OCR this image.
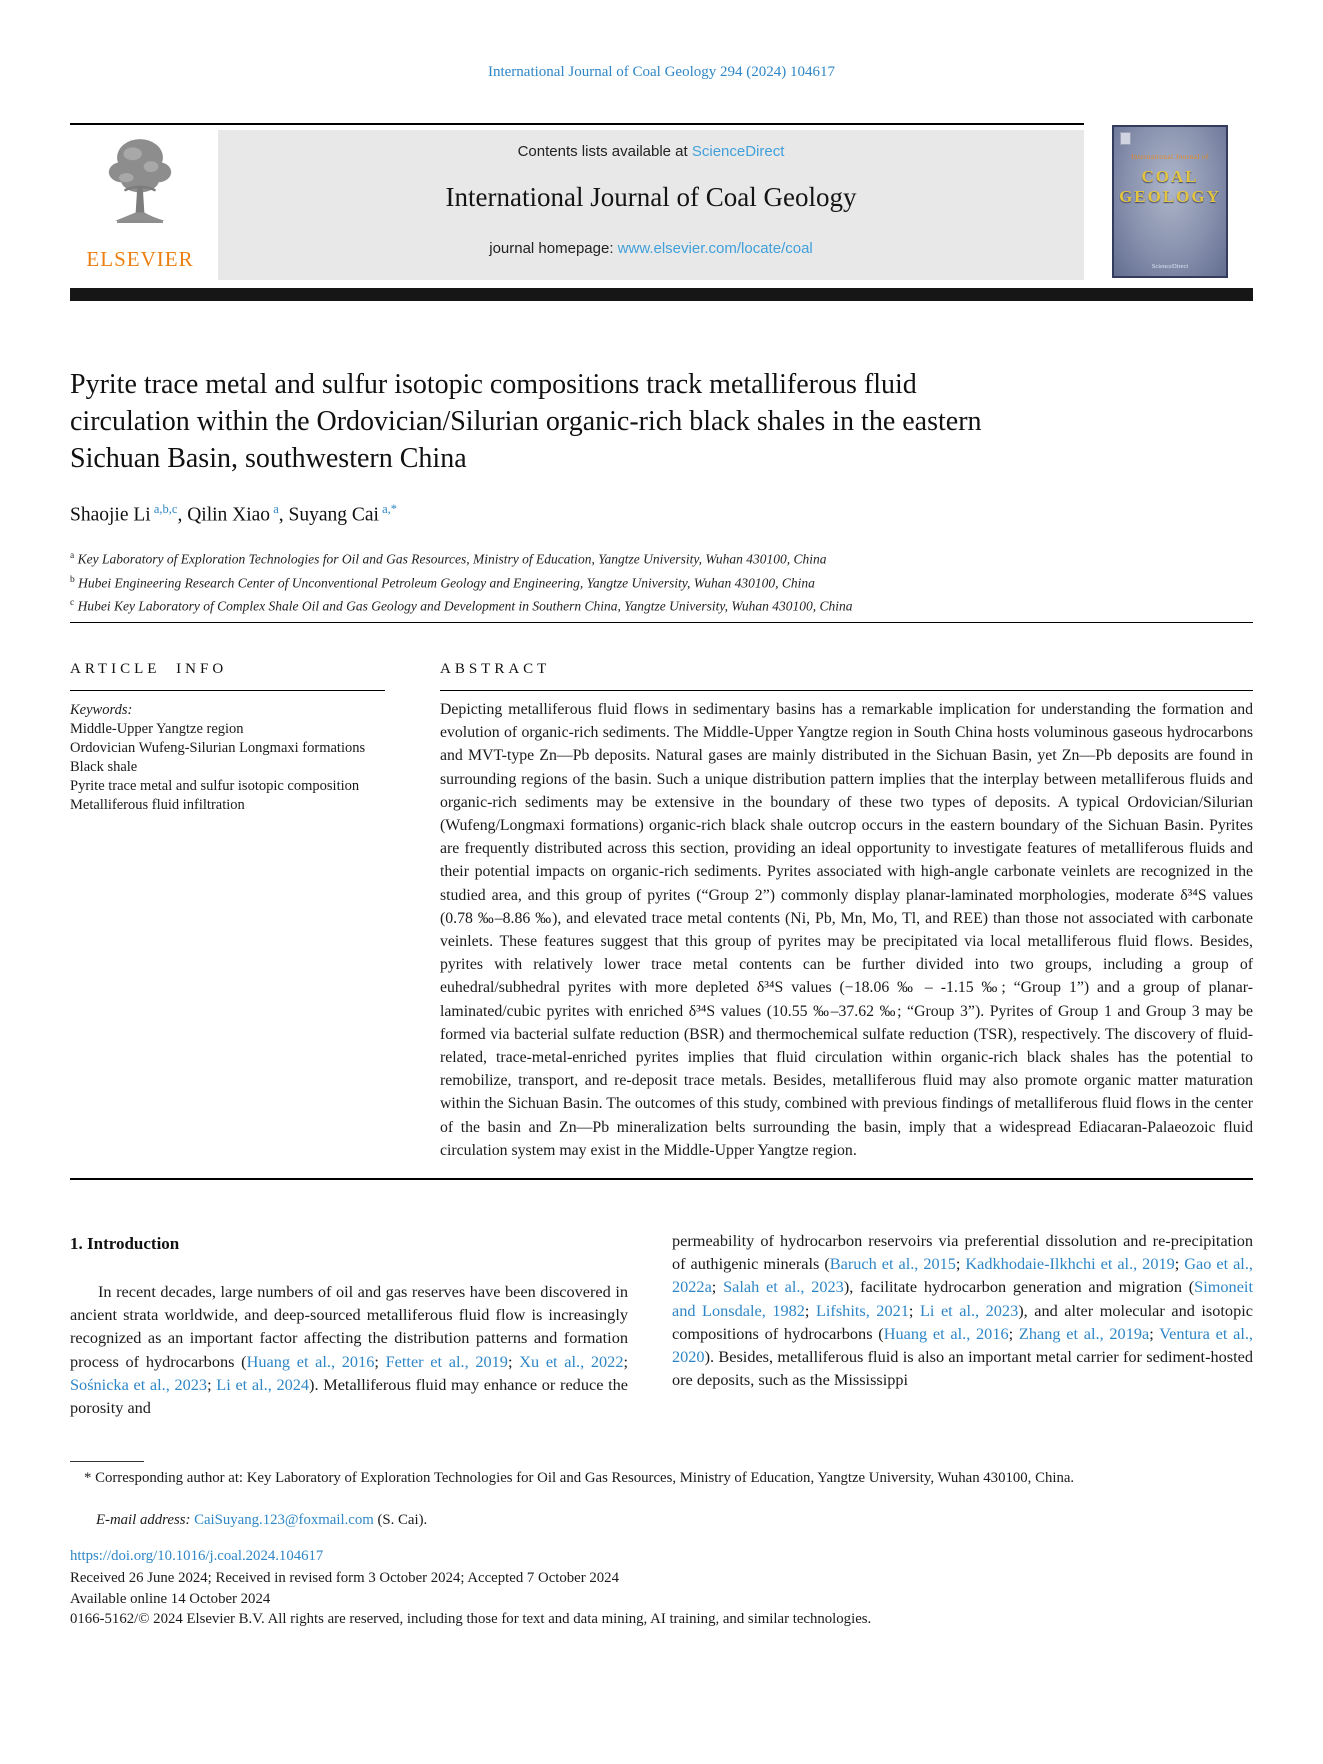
International Journal of Coal Geology 294 (2024) 104617
ELSEVIER
Contents lists available at ScienceDirect
International Journal of Coal Geology
journal homepage: www.elsevier.com/locate/coal
International Journal of
COAL
GEOLOGY
ScienceDirect
Pyrite trace metal and sulfur isotopic compositions track metalliferous fluid circulation within the Ordovician/Silurian organic-rich black shales in the eastern Sichuan Basin, southwestern China
Shaojie Li $^{a,b,c}$, Qilin Xiao $^a$, Suyang Cai $^{a,*}$
$^a$ Key Laboratory of Exploration Technologies for Oil and Gas Resources, Ministry of Education, Yangtze University, Wuhan 430100, China
$^b$ Hubei Engineering Research Center of Unconventional Petroleum Geology and Engineering, Yangtze University, Wuhan 430100, China
$^c$ Hubei Key Laboratory of Complex Shale Oil and Gas Geology and Development in Southern China, Yangtze University, Wuhan 430100, China
ARTICLE INFO
Keywords:
Middle-Upper Yangtze region
Ordovician Wufeng-Silurian Longmaxi formations
Black shale
Pyrite trace metal and sulfur isotopic composition
Metalliferous fluid infiltration
ABSTRACT
Depicting metalliferous fluid flows in sedimentary basins has a remarkable implication for understanding the formation and evolution of organic-rich sediments. The Middle-Upper Yangtze region in South China hosts voluminous gaseous hydrocarbons and MVT-type Zn—Pb deposits. Natural gases are mainly distributed in the Sichuan Basin, yet Zn—Pb deposits are found in surrounding regions of the basin. Such a unique distribution pattern implies that the interplay between metalliferous fluids and organic-rich sediments may be extensive in the boundary of these two types of deposits. A typical Ordovician/Silurian (Wufeng/Longmaxi formations) organic-rich black shale outcrop occurs in the eastern boundary of the Sichuan Basin. Pyrites are frequently distributed across this section, providing an ideal opportunity to investigate features of metalliferous fluids and their potential impacts on organic-rich sediments. Pyrites associated with high-angle carbonate veinlets are recognized in the studied area, and this group of pyrites (“Group 2”) commonly display planar-laminated morphologies, moderate δ³⁴S values (0.78 ‰–8.86 ‰), and elevated trace metal contents (Ni, Pb, Mn, Mo, Tl, and REE) than those not associated with carbonate veinlets. These features suggest that this group of pyrites may be precipitated via local metalliferous fluid flows. Besides, pyrites with relatively lower trace metal contents can be further divided into two groups, including a group of euhedral/subhedral pyrites with more depleted δ³⁴S values (−18.06 ‰ – -1.15 ‰; “Group 1”) and a group of planar-laminated/cubic pyrites with enriched δ³⁴S values (10.55 ‰–37.62 ‰; “Group 3”). Pyrites of Group 1 and Group 3 may be formed via bacterial sulfate reduction (BSR) and thermochemical sulfate reduction (TSR), respectively. The discovery of fluid-related, trace-metal-enriched pyrites implies that fluid circulation within organic-rich black shales has the potential to remobilize, transport, and re-deposit trace metals. Besides, metalliferous fluid may also promote organic matter maturation within the Sichuan Basin. The outcomes of this study, combined with previous findings of metalliferous fluid flows in the center of the basin and Zn—Pb mineralization belts surrounding the basin, imply that a widespread Ediacaran-Palaeozoic fluid circulation system may exist in the Middle-Upper Yangtze region.
1. Introduction
In recent decades, large numbers of oil and gas reserves have been discovered in ancient strata worldwide, and deep-sourced metalliferous fluid flow is increasingly recognized as an important factor affecting the distribution patterns and formation process of hydrocarbons (Huang et al., 2016; Fetter et al., 2019; Xu et al., 2022; Sośnicka et al., 2023; Li et al., 2024). Metalliferous fluid may enhance or reduce the porosity and
permeability of hydrocarbon reservoirs via preferential dissolution and re-precipitation of authigenic minerals (Baruch et al., 2015; Kadkhodaie-Ilkhchi et al., 2019; Gao et al., 2022a; Salah et al., 2023), facilitate hydrocarbon generation and migration (Simoneit and Lonsdale, 1982; Lifshits, 2021; Li et al., 2023), and alter molecular and isotopic compositions of hydrocarbons (Huang et al., 2016; Zhang et al., 2019a; Ventura et al., 2020). Besides, metalliferous fluid is also an important metal carrier for sediment-hosted ore deposits, such as the Mississippi
* Corresponding author at: Key Laboratory of Exploration Technologies for Oil and Gas Resources, Ministry of Education, Yangtze University, Wuhan 430100, China.
E-mail address: CaiSuyang.123@foxmail.com (S. Cai).
https://doi.org/10.1016/j.coal.2024.104617
Received 26 June 2024; Received in revised form 3 October 2024; Accepted 7 October 2024
Available online 14 October 2024
0166-5162/© 2024 Elsevier B.V. All rights are reserved, including those for text and data mining, AI training, and similar technologies.
